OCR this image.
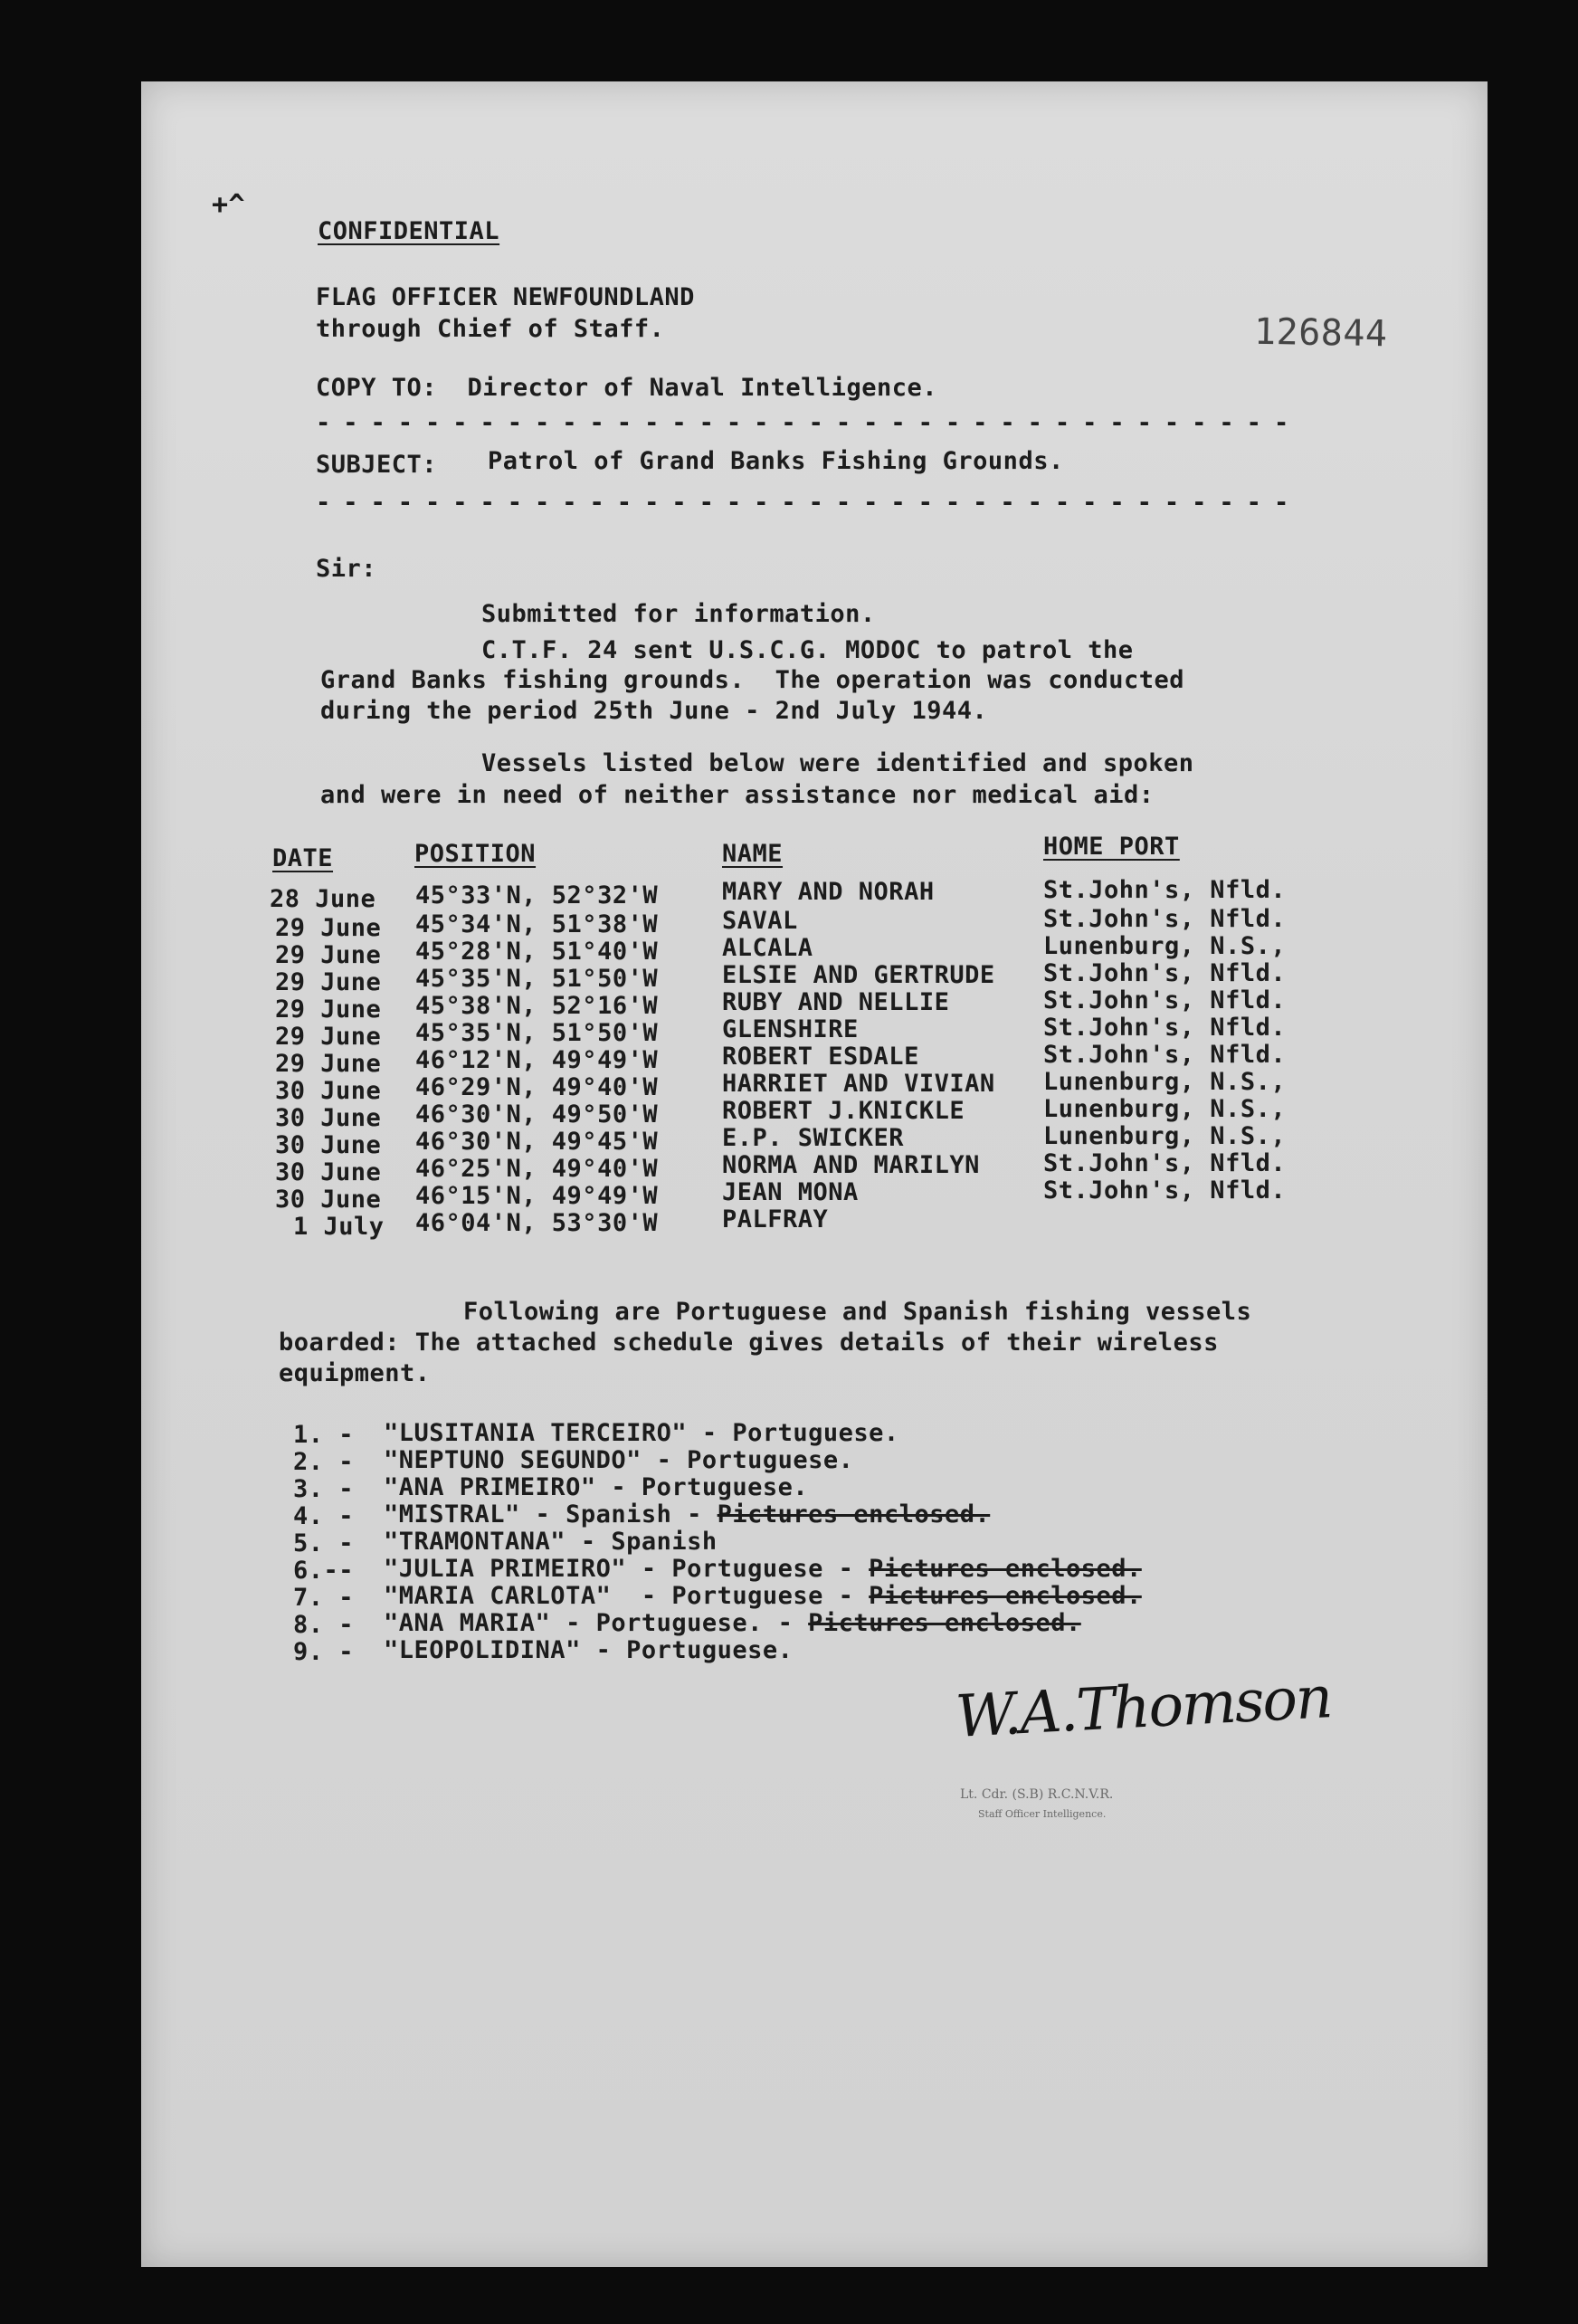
+^
CONFIDENTIAL
FLAG OFFICER NEWFOUNDLAND
through Chief of Staff.	126844
COPY TO:  Director of Naval Intelligence.
------------------------------------
SUBJECT: Patrol of Grand Banks Fishing Grounds.
------------------------------------
Sir:
Submitted for information.
C.T.F. 24 sent U.S.C.G. MODOC to patrol the
Grand Banks fishing grounds.  The operation was conducted
during the period 25th June - 2nd July 1944.
Vessels listed below were identified and spoken
and were in need of neither assistance nor medical aid:
DATE	POSITION	NAME	HOME PORT
28 June 45°33'N, 52°32'W	MARY AND NORAH	St.John's, Nfld.
29 June 45°34'N, 51°38'W	SAVAL	St.John's, Nfld.
29 June 45°28'N, 51°40'W	ALCALA	Lunenburg, N.S.,
29 June 45°35'N, 51°50'W	ELSIE AND GERTRUDE St.John's, Nfld.
29 June 45°38'N, 52°16'W	RUBY AND NELLIE	St.John's, Nfld.
29 June 45°35'N, 51°50'W	GLENSHIRE	St.John's, Nfld.
29 June 46°12'N, 49°49'W	ROBERT ESDALE	St.John's, Nfld.
30 June 46°29'N, 49°40'W	HARRIET AND VIVIAN Lunenburg, N.S.,
30 June 46°30'N, 49°50'W	ROBERT J.KNICKLE	Lunenburg, N.S.,
30 June 46°30'N, 49°45'W	E.P. SWICKER	Lunenburg, N.S.,
30 June 46°25'N, 49°40'W	NORMA AND MARILYN	St.John's, Nfld.
30 June 46°15'N, 49°49'W	JEAN MONA	St.John's, Nfld.
1 July 46°04'N, 53°30'W	PALFRAY
Following are Portuguese and Spanish fishing vessels
boarded: The attached schedule gives details of their wireless
equipment.
1. - "LUSITANIA TERCEIRO" - Portuguese.
2. - "NEPTUNO SEGUNDO" - Portuguese.
3. - "ANA PRIMEIRO" - Portuguese.
4. - "MISTRAL" - Spanish - Pictures enclosed.
5. - "TRAMONTANA" - Spanish
6.-- "JULIA PRIMEIRO" - Portuguese - Pictures enclosed.
7. - "MARIA CARLOTA"  - Portuguese - Pictures enclosed.
8. - "ANA MARIA" - Portuguese. - Pictures enclosed.
9. - "LEOPOLIDINA" - Portuguese.
W.A.Thomson
Lt. Cdr. (S.B) R.C.N.V.R.
Staff Officer Intelligence.
